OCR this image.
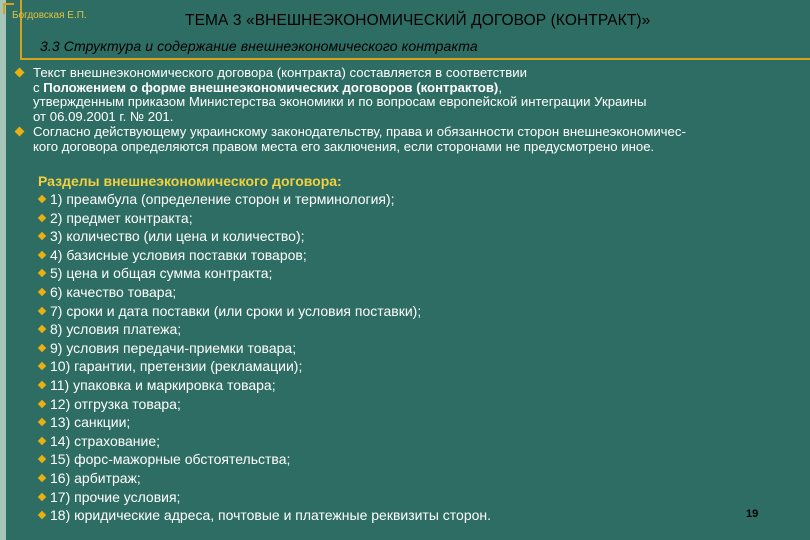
Богдовская Е.П.	ТЕМА 3 «ВНЕШНЕЭКОНОМИЧЕСКИЙ ДОГОВОР (КОНТРАКТ)»
3.3 Структура и содержание внешнеэкономического контракта
Текст внешнеэкономического договора (контракта) составляется в соответствии
с Положением о форме внешнеэкономических договоров (контрактов),
утвержденным приказом Министерства экономики и по вопросам европейской интеграции Украины
от 06.09.2001 г. № 201.
Согласно действующему украинскому законодательству, права и обязанности сторон внешнеэкономичес-
кого договора определяются правом места его заключения, если сторонами не предусмотрено иное.
Разделы внешнеэкономического договора:
1) преамбула (определение сторон и терминология);
2) предмет контракта;
3) количество (или цена и количество);
4) базисные условия поставки товаров;
5) цена и общая сумма контракта;
6) качество товара;
7) сроки и дата поставки (или сроки и условия поставки);
8) условия платежа;
9) условия передачи-приемки товара;
10) гарантии, претензии (рекламации);
11) упаковка и маркировка товара;
12) отгрузка товара;
13) санкции;
14) страхование;
15) форс-мажорные обстоятельства;
16) арбитраж;
17) прочие условия;
18) юридические адреса, почтовые и платежные реквизиты сторон.	19
